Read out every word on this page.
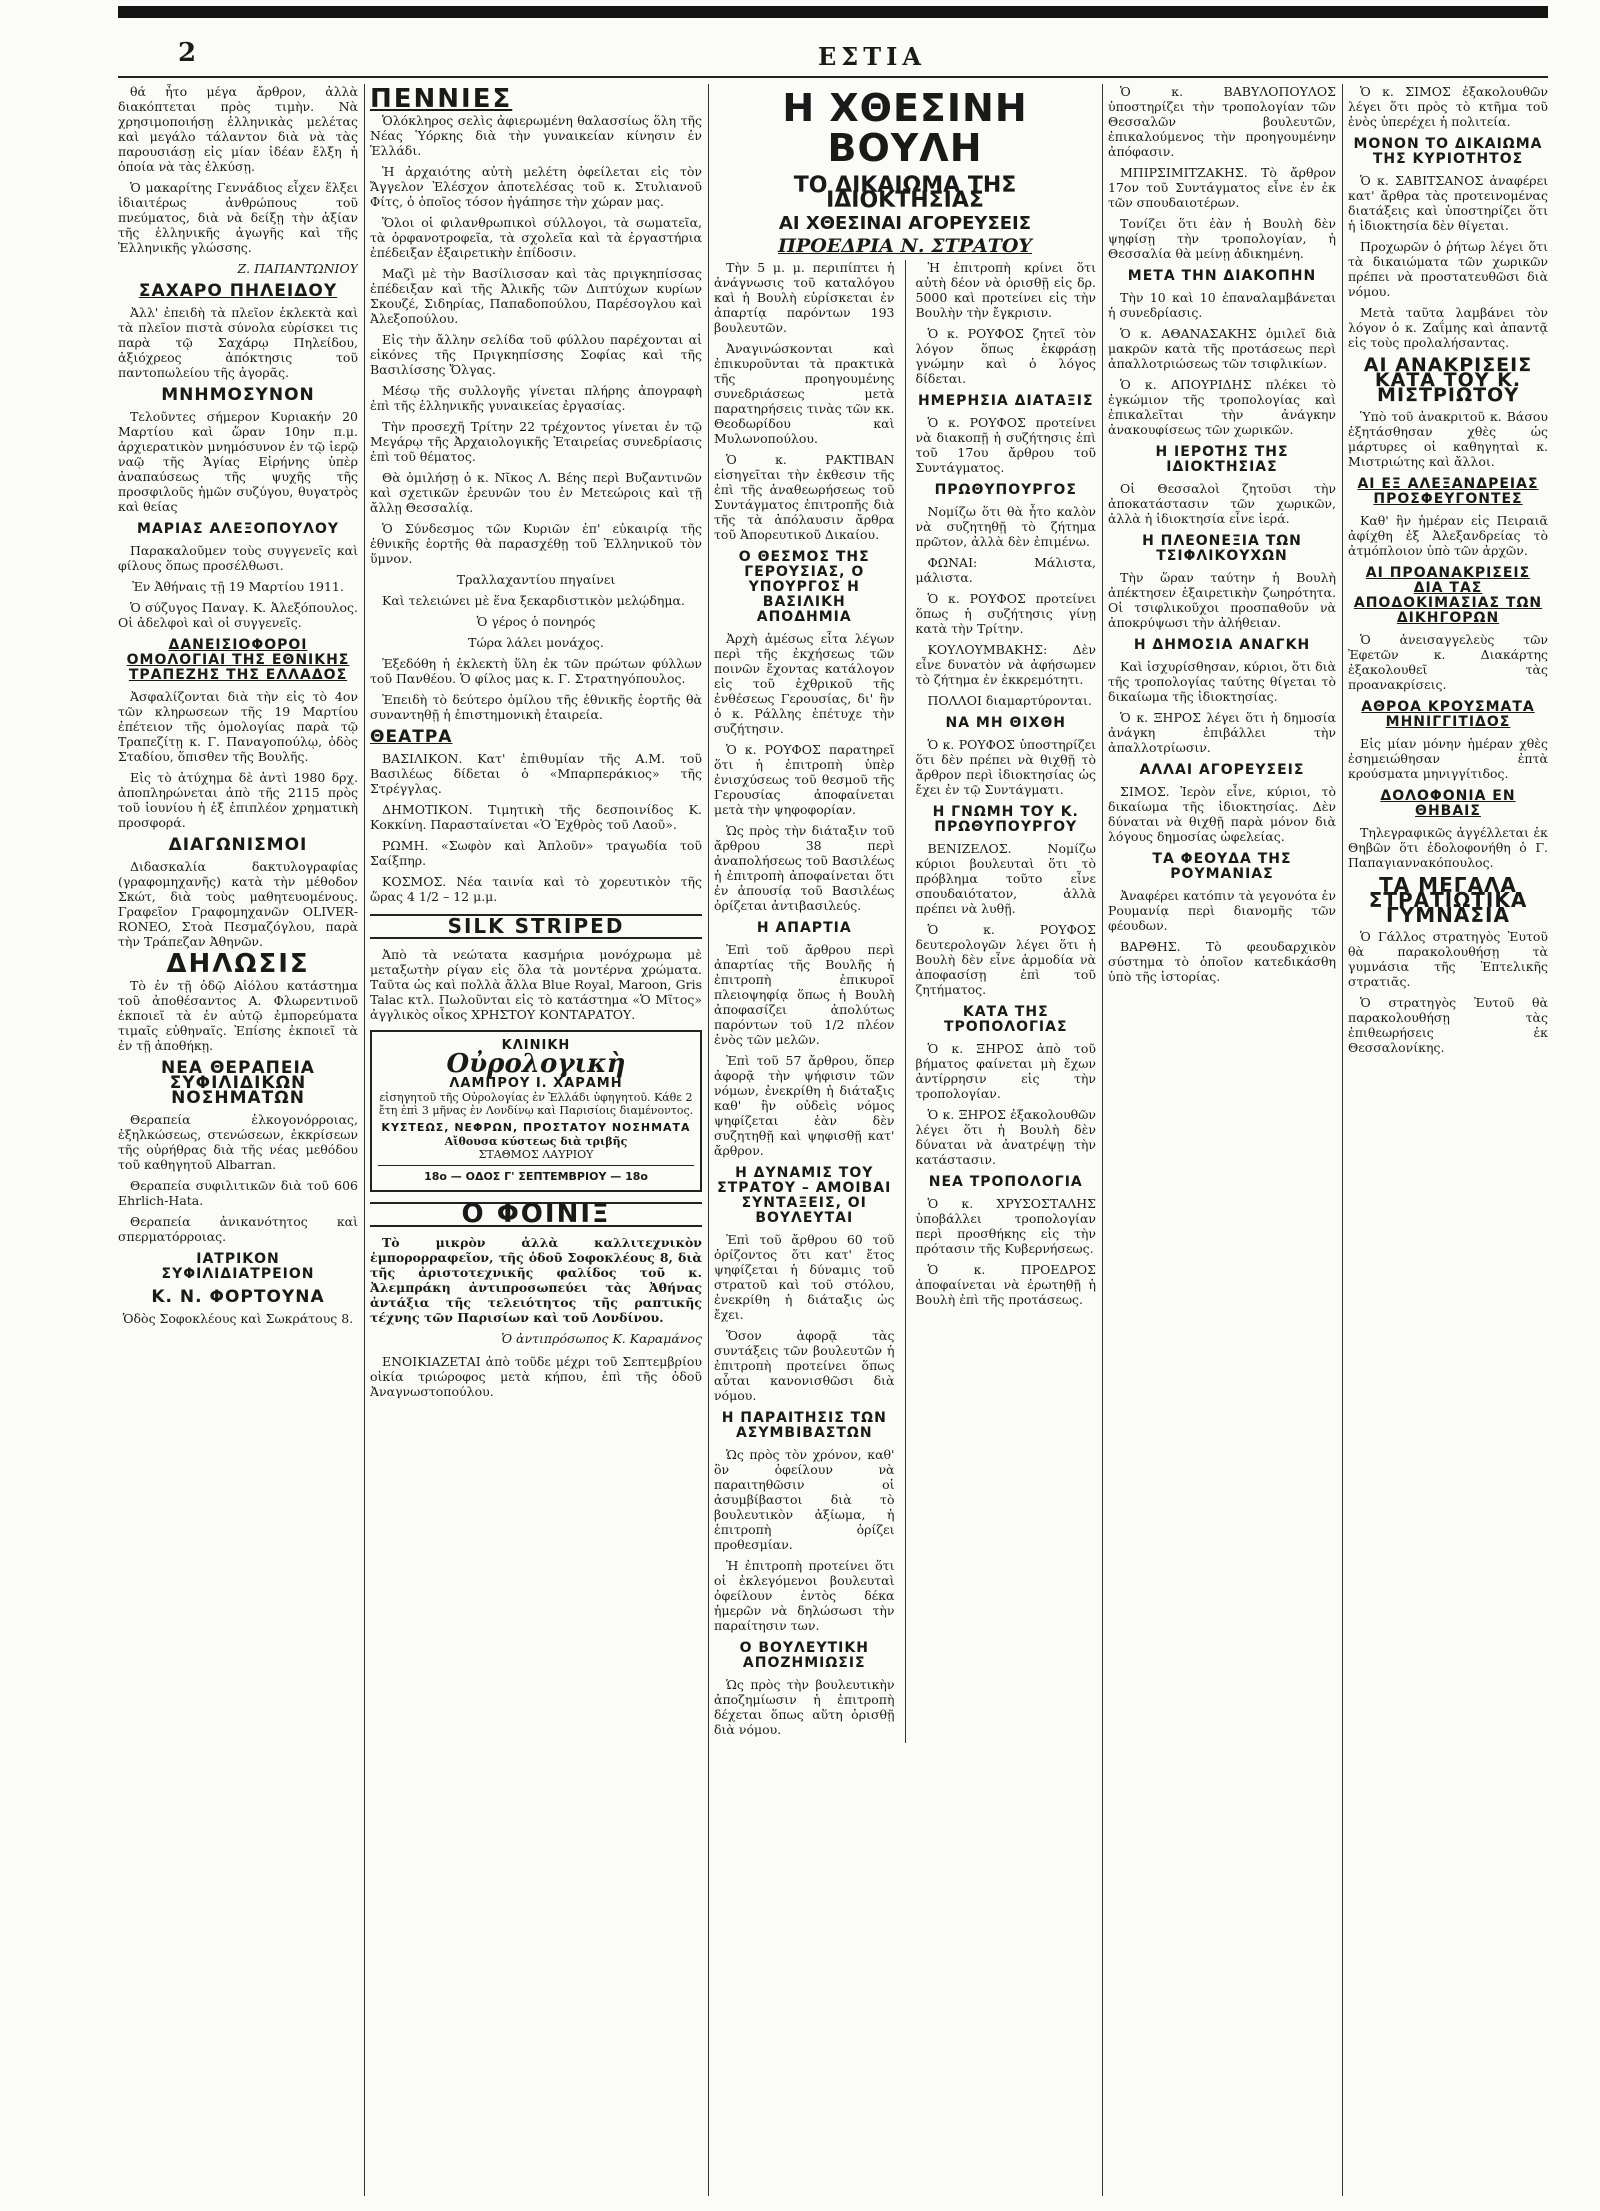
2	ΕΣΤΙΑ

θά ἦτο μέγα ἄρθρον, ἀλλὰ διακόπτεται πρὸς τιμὴν. Νὰ χρησιμοποιήσῃ ἐλληνικὰς μελέτας καὶ μεγάλο τάλαντον διὰ νὰ τὰς παρουσιάσῃ εἰς μίαν ἰδέαν ἔλξη ἡ ὁποία νὰ τὰς ἐλκύσῃ.

Ὁ μακαρίτης Γεννάδιος εἶχεν ἕλξει ἰδιαιτέρως ἀνθρώπους τοῦ πνεύματος, διὰ νὰ δείξῃ τὴν ἀξίαν τῆς ἑλληνικῆς ἀγωγῆς καὶ τῆς Ἑλληνικῆς γλώσσης.

Ζ. ΠΑΠΑΝΤΩΝΙΟΥ
ΣΑΧΑΡΟ ΠΗΛΕΙΔΟΥ

Ἀλλ' ἐπειδὴ τὰ πλεῖον ἐκλεκτὰ καὶ τὰ πλεῖον πιστὰ σύνολα εὑρίσκει τις παρὰ τῷ Σαχάρῳ Πηλείδου, ἀξιόχρεος ἀπόκτησις τοῦ παντοπωλείου τῆς ἀγορᾶς.

ΜΝΗΜΟΣΥΝΟΝ

Τελοῦντες σήμερον Κυριακήν 20 Μαρτίου καὶ ὥραν 10ην π.μ. ἀρχιερατικὸν μνημόσυνον ἐν τῷ ἱερῷ ναῷ τῆς Ἁγίας Εἰρήνης ὑπὲρ ἀναπαύσεως τῆς ψυχῆς τῆς προσφιλοῦς ἡμῶν συζύγου, θυγατρὸς καὶ θείας

ΜΑΡΙΑΣ ΑΛΕΞΟΠΟΥΛΟΥ

Παρακαλοῦμεν τοὺς συγγενεῖς καὶ φίλους ὅπως προσέλθωσι.

Ἐν Ἀθήναις τῇ 19 Μαρτίου 1911.

Ὁ σύζυγος Παναγ. Κ. Ἀλεξόπουλος. Οἱ ἀδελφοὶ καὶ οἱ συγγενεῖς.

ΔΑΝΕΙΣΙΟΦΟΡΟΙ ΟΜΟΛΟΓΙΑΙ ΤΗΣ ΕΘΝΙΚΗΣ ΤΡΑΠΕΖΗΣ ΤΗΣ ΕΛΛΑΔΟΣ

Ἀσφαλίζονται διὰ τὴν εἰς τὸ 4ον τῶν κληρωσεων τῆς 19 Μαρτίου ἐπέτειον τῆς ὁμολογίας παρὰ τῷ Τραπεζίτῃ κ. Γ. Παναγοπούλῳ, ὁδὸς Σταδίου, ὅπισθεν τῆς Βουλῆς.

Εἰς τὸ ἀτύχημα δὲ ἀντὶ 1980 δρχ. ἀποπληρώνεται ἀπὸ τῆς 2115 πρὸς τοῦ ἰουνίου ἡ ἐξ ἐπιπλέον χρηματικὴ προσφορά.

ΔΙΑΓΩΝΙΣΜΟΙ

Διδασκαλία δακτυλογραφίας (γραφομηχανῆς) κατὰ τὴν μέθοδον Σκώτ, διὰ τοὺς μαθητευομένους. Γραφεῖον Γραφομηχανῶν OLIVER-RONEO, Στοὰ Πεσμαζόγλου, παρὰ τὴν Τράπεζαν Ἀθηνῶν.

ΔΗΛΩΣΙΣ

Τὸ ἐν τῇ ὁδῷ Αἰόλου κατάστημα τοῦ ἀποθέσαντος Α. Φλωρεντινοῦ ἐκποιεῖ τὰ ἐν αὐτῷ ἐμπορεύματα τιμαῖς εὐθηναῖς. Ἐπίσης ἐκποιεῖ τὰ ἐν τῇ ἀποθήκῃ.

ΝΕΑ ΘΕΡΑΠΕΙΑ ΣΥΦΙΛΙΔΙΚΩΝ ΝΟΣΗΜΑΤΩΝ

Θεραπεία ἑλκογονόρροιας, ἐξηλκώσεως, στενώσεων, ἐκκρίσεων τῆς οὐρήθρας διὰ τῆς νέας μεθόδου τοῦ καθηγητοῦ Albarran.

Θεραπεία συφιλιτικῶν διὰ τοῦ 606 Ehrlich-Hata.

Θεραπεία ἀνικανότητος καὶ σπερματόρροιας.

ΙΑΤΡΙΚΟΝ ΣΥΦΙΛΙΔΙΑΤΡΕΙΟΝ
Κ. Ν. ΦΟΡΤΟΥΝΑ

Ὁδὸς Σοφοκλέους καὶ Σωκράτους 8.

ΠΕΝΝΙΕΣ

Ὁλόκληρος σελὶς ἀφιερωμένη θαλασσίως ὅλη τῆς Νέας Ὑόρκης διὰ τὴν γυναικείαν κίνησιν ἐν Ἑλλάδι.

Ἡ ἀρχαιότης αὐτὴ μελέτη ὀφείλεται εἰς τὸν Ἄγγελον Ἑλέσχον ἀποτελέσας τοῦ κ. Στυλιανοῦ Φίτς, ὁ ὁποῖος τόσον ἠγάπησε τὴν χώραν μας.

Ὅλοι οἱ φιλανθρωπικοὶ σύλλογοι, τὰ σωματεῖα, τὰ ὀρφανοτροφεῖα, τὰ σχολεῖα καὶ τὰ ἐργαστήρια ἐπέδειξαν ἐξαιρετικὴν ἐπίδοσιν.

Μαζὶ μὲ τὴν Βασίλισσαν καὶ τὰς πριγκηπίσσας ἐπέδειξαν καὶ τῆς Ἀλικῆς τῶν Διπτύχων κυρίων Σκουζέ, Σιδηρίας, Παπαδοπούλου, Παρέσογλου καὶ Ἀλεξοπούλου.

Εἰς τὴν ἄλλην σελίδα τοῦ φύλλου παρέχονται αἱ εἰκόνες τῆς Πριγκηπίσσης Σοφίας καὶ τῆς Βασιλίσσης Ὄλγας.

Μέσῳ τῆς συλλογῆς γίνεται πλήρης ἀπογραφὴ ἐπὶ τῆς ἑλληνικῆς γυναικείας ἐργασίας.

Τὴν προσεχῆ Τρίτην 22 τρέχοντος γίνεται ἐν τῷ Μεγάρῳ τῆς Ἀρχαιολογικῆς Ἑταιρείας συνεδρίασις ἐπὶ τοῦ θέματος.

Θὰ ὁμιλήσῃ ὁ κ. Νῖκος Λ. Βέης περὶ Βυζαντινῶν καὶ σχετικῶν ἐρευνῶν του ἐν Μετεώροις καὶ τῇ ἄλλῃ Θεσσαλίᾳ.

Ὁ Σύνδεσμος τῶν Κυριῶν ἐπ' εὐκαιρίᾳ τῆς ἐθνικῆς ἑορτῆς θὰ παρασχέθῃ τοῦ Ἑλληνικοῦ τὸν ὕμνον.

Τραλλαχαντίου πηγαίνει

Καὶ τελειώνει μὲ ἕνα ξεκαρδιστικὸν μελῴδημα.

Ὁ γέρος ὁ πονηρός

Τώρα λάλει μονάχος.

Ἐξεδόθη ἡ ἐκλεκτὴ ὕλη ἐκ τῶν πρώτων φύλλων τοῦ Πανθέου. Ὁ φίλος μας κ. Γ. Στρατηγόπουλος.

Ἐπειδὴ τὸ δεύτερο ὁμίλου τῆς ἐθνικῆς ἑορτῆς θὰ συναντηθῇ ἡ ἐπιστημονικὴ ἑταιρεία.

ΘΕΑΤΡΑ

ΒΑΣΙΛΙΚΟΝ. Κατ' ἐπιθυμίαν τῆς Α.Μ. τοῦ Βασιλέως δίδεται ὁ «Μπαρπεράκιος» τῆς Στρέγγλας.

ΔΗΜΟΤΙΚΟΝ. Τιμητικὴ τῆς δεσποινίδος Κ. Κοκκίνη. Παρασταίνεται «Ὁ Ἐχθρὸς τοῦ Λαοῦ».

ΡΩΜΗ. «Σωφὸν καὶ Ἀπλοῦν» τραγωδία τοῦ Σαίξπηρ.

ΚΟΣΜΟΣ. Νέα ταινία καὶ τὸ χορευτικὸν τῆς ὥρας 4 1/2 – 12 μ.μ.

SILK STRIPED

Ἀπὸ τὰ νεώτατα κασμήρια μονόχρωμα μὲ μεταξωτὴν ρίγαν εἰς ὅλα τὰ μοντέρνα χρώματα. Ταῦτα ὡς καὶ πολλὰ ἄλλα Blue Royal, Maroon, Gris Talac κτλ. Πωλοῦνται εἰς τὸ κατάστημα «Ὁ Μῖτος» ἀγγλικὸς οἶκος ΧΡΗΣΤΟΥ ΚΟΝΤΑΡΑΤΟΥ.

ΚΛΙΝΙΚΗ
Οὐρολογικὴ
ΛΑΜΠΡΟΥ Ι. ΧΑΡΑΜΗ
εἰσηγητοῦ τῆς Οὐρολογίας ἐν Ἑλλάδι ὑφηγητοῦ. Κάθε 2 ἔτη ἐπὶ 3 μῆνας ἐν Λονδίνῳ καὶ Παρισίοις διαμένοντος.
ΚΥΣΤΕΩΣ, ΝΕΦΡΩΝ, ΠΡΟΣΤΑΤΟΥ ΝΟΣΗΜΑΤΑ
Αἴθουσα κύστεως διὰ τριβῆς
ΣΤΑΘΜΟΣ ΛΑΥΡΙΟΥ
18ο — ΟΔΟΣ Γ' ΣΕΠΤΕΜΒΡΙΟΥ — 18ο
Ο ΦΟΙΝΙΞ

Τὸ μικρὸν ἀλλὰ καλλιτεχνικὸν ἐμπορορραφεῖον, τῆς ὁδοῦ Σοφοκλέους 8, διὰ τῆς ἀριστοτεχνικῆς φαλίδος τοῦ κ. Ἀλεμπράκη ἀντιπροσωπεύει τὰς Ἀθήνας ἀντάξια τῆς τελειότητος τῆς ραπτικῆς τέχνης τῶν Παρισίων καὶ τοῦ Λονδίνου.

Ὁ ἀντιπρόσωπος Κ. Καραμάνος

ΕΝΟΙΚΙΑΖΕΤΑΙ ἀπὸ τοῦδε μέχρι τοῦ Σεπτεμβρίου οἰκία τριώροφος μετὰ κήπου, ἐπὶ τῆς ὁδοῦ Ἀναγνωστοπούλου.

Η ΧΘΕΣΙΝΗ ΒΟΥΛΗ
ΤΟ ΔΙΚΑΙΩΜΑ ΤΗΣ ΙΔΙΟΚΤΗΣΙΑΣ
ΑΙ ΧΘΕΣΙΝΑΙ ΑΓΟΡΕΥΣΕΙΣ
ΠΡΟΕΔΡΙΑ Ν. ΣΤΡΑΤΟΥ

Τὴν 5 μ. μ. περιπίπτει ἡ ἀνάγνωσις τοῦ καταλόγου καὶ ἡ Βουλὴ εὑρίσκεται ἐν ἀπαρτίᾳ παρόντων 193 βουλευτῶν.

Ἀναγινώσκονται καὶ ἐπικυροῦνται τὰ πρακτικὰ τῆς προηγουμένης συνεδριάσεως μετὰ παρατηρήσεις τινὰς τῶν κκ. Θεοδωρίδου καὶ Μυλωνοπούλου.

Ὁ κ. ΡΑΚΤΙΒΑΝ εἰσηγεῖται τὴν ἐκθεσιν τῆς ἐπὶ τῆς ἀναθεωρήσεως τοῦ Συντάγματος ἐπιτροπῆς διὰ τῆς τὰ ἀπόλαυσιν ἄρθρα τοῦ Ἀπορευτικοῦ Δικαίου.

Ο ΘΕΣΜΟΣ ΤΗΣ ΓΕΡΟΥΣΙΑΣ, Ο ΥΠΟΥΡΓΟΣ Η ΒΑΣΙΛΙΚΗ ΑΠΟΔΗΜΙΑ

Ἀρχὴ ἀμέσως εἶτα λέγων περὶ τῆς ἐκχήσεως τῶν ποινῶν ἔχοντας κατάλογον εἰς τοῦ ἐχθρικοῦ τῆς ἐνθέσεως Γερουσίας, δι' ἣν ὁ κ. Ράλλης ἐπέτυχε τὴν συζήτησιν.

Ὁ κ. ΡΟΥΦΟΣ παρατηρεῖ ὅτι ἡ ἐπιτροπὴ ὑπὲρ ἐνισχύσεως τοῦ θεσμοῦ τῆς Γερουσίας ἀποφαίνεται μετὰ τὴν ψηφοφορίαν.

Ὡς πρὸς τὴν διάταξιν τοῦ ἄρθρου 38 περὶ ἀναπολήσεως τοῦ Βασιλέως ἡ ἐπιτροπὴ ἀποφαίνεται ὅτι ἐν ἀπουσίᾳ τοῦ Βασιλέως ὁρίζεται ἀντιβασιλεύς.

Η ΑΠΑΡΤΙΑ

Ἐπὶ τοῦ ἄρθρου περὶ ἀπαρτίας τῆς Βουλῆς ἡ ἐπιτροπὴ ἐπικυροῖ πλειοψηφίᾳ ὅπως ἡ Βουλὴ ἀποφασίζει ἀπολύτως παρόντων τοῦ 1/2 πλέον ἑνὸς τῶν μελῶν.

Ἐπὶ τοῦ 57 ἄρθρου, ὅπερ ἀφορᾷ τὴν ψήφισιν τῶν νόμων, ἐνεκρίθη ἡ διάταξις καθ' ἣν οὐδεὶς νόμος ψηφίζεται ἐὰν δὲν συζητηθῇ καὶ ψηφισθῇ κατ' ἄρθρον.

Η ΔΥΝΑΜΙΣ ΤΟΥ ΣΤΡΑΤΟΥ – ΑΜΟΙΒΑΙ ΣΥΝΤΑΞΕΙΣ, ΟΙ ΒΟΥΛΕΥΤΑΙ

Ἐπὶ τοῦ ἄρθρου 60 τοῦ ὁρίζοντος ὅτι κατ' ἔτος ψηφίζεται ἡ δύναμις τοῦ στρατοῦ καὶ τοῦ στόλου, ἐνεκρίθη ἡ διάταξις ὡς ἔχει.

Ὅσον ἀφορᾷ τὰς συντάξεις τῶν βουλευτῶν ἡ ἐπιτροπὴ προτείνει ὅπως αὗται κανονισθῶσι διὰ νόμου.

Η ΠΑΡΑΙΤΗΣΙΣ ΤΩΝ ΑΣΥΜΒΙΒΑΣΤΩΝ

Ὡς πρὸς τὸν χρόνον, καθ' ὃν ὀφείλουν νὰ παραιτηθῶσιν οἱ ἀσυμβίβαστοι διὰ τὸ βουλευτικὸν ἀξίωμα, ἡ ἐπιτροπὴ ὁρίζει προθεσμίαν.

Ἡ ἐπιτροπὴ προτείνει ὅτι οἱ ἐκλεγόμενοι βουλευταὶ ὀφείλουν ἐντὸς δέκα ἡμερῶν νὰ δηλώσωσι τὴν παραίτησιν των.

Ο ΒΟΥΛΕΥΤΙΚΗ ΑΠΟΖΗΜΙΩΣΙΣ

Ὡς πρὸς τὴν βουλευτικὴν ἀποζημίωσιν ἡ ἐπιτροπὴ δέχεται ὅπως αὕτη ὁρισθῇ διὰ νόμου.

Ἡ ἐπιτροπὴ κρίνει ὅτι αὐτὴ δέον νὰ ὁρισθῇ εἰς δρ. 5000 καὶ προτείνει εἰς τὴν Βουλὴν τὴν ἔγκρισιν.

Ὁ κ. ΡΟΥΦΟΣ ζητεῖ τὸν λόγον ὅπως ἐκφράσῃ γνώμην καὶ ὁ λόγος δίδεται.

ΗΜΕΡΗΣΙΑ ΔΙΑΤΑΞΙΣ

Ὁ κ. ΡΟΥΦΟΣ προτείνει νὰ διακοπῇ ἡ συζήτησις ἐπὶ τοῦ 17ου ἄρθρου τοῦ Συντάγματος.

ΠΡΩΘΥΠΟΥΡΓΟΣ

Νομίζω ὅτι θὰ ἦτο καλὸν νὰ συζητηθῇ τὸ ζήτημα πρῶτον, ἀλλὰ δὲν ἐπιμένω.

ΦΩΝΑΙ: Μάλιστα, μάλιστα.

Ὁ κ. ΡΟΥΦΟΣ προτείνει ὅπως ἡ συζήτησις γίνῃ κατὰ τὴν Τρίτην.

ΚΟΥΛΟΥΜΒΑΚΗΣ: Δὲν εἶνε δυνατὸν νὰ ἀφήσωμεν τὸ ζήτημα ἐν ἐκκρεμότητι.

ΠΟΛΛΟΙ διαμαρτύρονται.

ΝΑ ΜΗ ΘΙΧΘΗ

Ὁ κ. ΡΟΥΦΟΣ ὑποστηρίζει ὅτι δὲν πρέπει νὰ θιχθῇ τὸ ἄρθρον περὶ ἰδιοκτησίας ὡς ἔχει ἐν τῷ Συντάγματι.

Η ΓΝΩΜΗ ΤΟΥ Κ. ΠΡΩΘΥΠΟΥΡΓΟΥ

ΒΕΝΙΖΕΛΟΣ. Νομίζω κύριοι βουλευταὶ ὅτι τὸ πρόβλημα τοῦτο εἶνε σπουδαιότατον, ἀλλὰ πρέπει νὰ λυθῇ.

Ὁ κ. ΡΟΥΦΟΣ δευτερολογῶν λέγει ὅτι ἡ Βουλὴ δὲν εἶνε ἁρμοδία νὰ ἀποφασίσῃ ἐπὶ τοῦ ζητήματος.

ΚΑΤΑ ΤΗΣ ΤΡΟΠΟΛΟΓΙΑΣ

Ὁ κ. ΞΗΡΟΣ ἀπὸ τοῦ βήματος φαίνεται μὴ ἔχων ἀντίρρησιν εἰς τὴν τροπολογίαν.

Ὁ κ. ΞΗΡΟΣ ἐξακολουθῶν λέγει ὅτι ἡ Βουλὴ δὲν δύναται νὰ ἀνατρέψῃ τὴν κατάστασιν.

ΝΕΑ ΤΡΟΠΟΛΟΓΙΑ

Ὁ κ. ΧΡΥΣΟΣΤΑΛΗΣ ὑποβάλλει τροπολογίαν περὶ προσθήκης εἰς τὴν πρότασιν τῆς Κυβερνήσεως.

Ὁ κ. ΠΡΟΕΔΡΟΣ ἀποφαίνεται νὰ ἐρωτηθῇ ἡ Βουλὴ ἐπὶ τῆς προτάσεως.

Ὁ κ. ΒΑΒΥΛΟΠΟΥΛΟΣ ὑποστηρίζει τὴν τροπολογίαν τῶν Θεσσαλῶν βουλευτῶν, ἐπικαλούμενος τὴν προηγουμένην ἀπόφασιν.

ΜΠΙΡΣΙΜΙΤΖΑΚΗΣ. Τὸ ἄρθρον 17ον τοῦ Συντάγματος εἶνε ἐν ἐκ τῶν σπουδαιοτέρων.

Τονίζει ὅτι ἐὰν ἡ Βουλὴ δὲν ψηφίσῃ τὴν τροπολογίαν, ἡ Θεσσαλία θὰ μείνῃ ἀδικημένη.

ΜΕΤΑ ΤΗΝ ΔΙΑΚΟΠΗΝ

Τὴν 10 καὶ 10 ἐπαναλαμβάνεται ἡ συνεδρίασις.

Ὁ κ. ΑΘΑΝΑΣΑΚΗΣ ὁμιλεῖ διὰ μακρῶν κατὰ τῆς προτάσεως περὶ ἀπαλλοτριώσεως τῶν τσιφλικίων.

Ὁ κ. ΑΠΟΥΡΙΔΗΣ πλέκει τὸ ἐγκώμιον τῆς τροπολογίας καὶ ἐπικαλεῖται τὴν ἀνάγκην ἀνακουφίσεως τῶν χωρικῶν.

Η ΙΕΡΟΤΗΣ ΤΗΣ ΙΔΙΟΚΤΗΣΙΑΣ

Οἱ Θεσσαλοὶ ζητοῦσι τὴν ἀποκατάστασιν τῶν χωρικῶν, ἀλλὰ ἡ ἱδιοκτησία εἶνε ἱερά.

Η ΠΛΕΟΝΕΞΙΑ ΤΩΝ ΤΣΙΦΛΙΚΟΥΧΩΝ

Τὴν ὥραν ταύτην ἡ Βουλὴ ἀπέκτησεν ἐξαιρετικὴν ζωηρότητα. Οἱ τσιφλικοῦχοι προσπαθοῦν νὰ ἀποκρύψωσι τὴν ἀλήθειαν.

Η ΔΗΜΟΣΙΑ ΑΝΑΓΚΗ

Καὶ ἰσχυρίσθησαν, κύριοι, ὅτι διὰ τῆς τροπολογίας ταύτης θίγεται τὸ δικαίωμα τῆς ἰδιοκτησίας.

Ὁ κ. ΞΗΡΟΣ λέγει ὅτι ἡ δημοσία ἀνάγκη ἐπιβάλλει τὴν ἀπαλλοτρίωσιν.

ΑΛΛΑΙ ΑΓΟΡΕΥΣΕΙΣ

ΣΙΜΟΣ. Ἱερὸν εἶνε, κύριοι, τὸ δικαίωμα τῆς ἰδιοκτησίας. Δὲν δύναται νὰ θιχθῇ παρὰ μόνον διὰ λόγους δημοσίας ὠφελείας.

ΤΑ ΦΕΟΥΔΑ ΤΗΣ ΡΟΥΜΑΝΙΑΣ

Ἀναφέρει κατόπιν τὰ γεγονότα ἐν Ρουμανίᾳ περὶ διανομῆς τῶν φέουδων.

ΒΑΡΘΗΣ. Τὸ φεουδαρχικὸν σύστημα τὸ ὁποῖον κατεδικάσθη ὑπὸ τῆς ἱστορίας.

Ὁ κ. ΣΙΜΟΣ ἐξακολουθῶν λέγει ὅτι πρὸς τὸ κτῆμα τοῦ ἑνὸς ὑπερέχει ἡ πολιτεία.

ΜΟΝΟΝ ΤΟ ΔΙΚΑΙΩΜΑ ΤΗΣ ΚΥΡΙΟΤΗΤΟΣ

Ὁ κ. ΣΑΒΙΤΣΑΝΟΣ ἀναφέρει κατ' ἄρθρα τὰς προτεινομένας διατάξεις καὶ ὑποστηρίζει ὅτι ἡ ἰδιοκτησία δὲν θίγεται.

Προχωρῶν ὁ ῥήτωρ λέγει ὅτι τὰ δικαιώματα τῶν χωρικῶν πρέπει νὰ προστατευθῶσι διὰ νόμου.

Μετὰ ταῦτα λαμβάνει τὸν λόγον ὁ κ. Ζαΐμης καὶ ἀπαντᾷ εἰς τοὺς προλαλήσαντας.

ΑΙ ΑΝΑΚΡΙΣΕΙΣ ΚΑΤΑ ΤΟΥ Κ. ΜΙΣΤΡΙΩΤΟΥ

Ὑπὸ τοῦ ἀνακριτοῦ κ. Βάσου ἐξητάσθησαν χθὲς ὡς μάρτυρες οἱ καθηγηταὶ κ. Μιστριώτης καὶ ἄλλοι.

ΑΙ ΕΞ ΑΛΕΞΑΝΔΡΕΙΑΣ ΠΡΟΣΦΕΥΓΟΝΤΕΣ

Καθ' ἣν ἡμέραν εἰς Πειραιᾶ ἀφίχθη ἐξ Ἀλεξανδρείας τὸ ἀτμόπλοιον ὑπὸ τῶν ἀρχῶν.

ΑΙ ΠΡΟΑΝΑΚΡΙΣΕΙΣ ΔΙΑ ΤΑΣ ΑΠΟΔΟΚΙΜΑΣΙΑΣ ΤΩΝ ΔΙΚΗΓΟΡΩΝ

Ὁ ἀνεισαγγελεὺς τῶν Ἐφετῶν κ. Διακάρτης ἐξακολουθεῖ τὰς προανακρίσεις.

ΑΘΡΟΑ ΚΡΟΥΣΜΑΤΑ ΜΗΝΙΓΓΙΤΙΔΟΣ

Εἰς μίαν μόνην ἡμέραν χθὲς ἐσημειώθησαν ἐπτὰ κρούσματα μηνιγγίτιδος.

ΔΟΛΟΦΟΝΙΑ ΕΝ ΘΗΒΑΙΣ

Τηλεγραφικῶς ἀγγέλλεται ἐκ Θηβῶν ὅτι ἐδολοφονήθη ὁ Γ. Παπαγιαννακόπουλος.

ΤΑ ΜΕΓΑΛΑ ΣΤΡΑΤΙΩΤΙΚΑ ΓΥΜΝΑΣΙΑ

Ὁ Γάλλος στρατηγὸς Ἐυτοῦ θὰ παρακολουθήσῃ τὰ γυμνάσια τῆς Ἐπτελικῆς στρατιᾶς.

Ὁ στρατηγὸς Ἐυτοῦ θὰ παρακολουθήσῃ τὰς ἐπιθεωρήσεις ἐκ Θεσσαλονίκης.
